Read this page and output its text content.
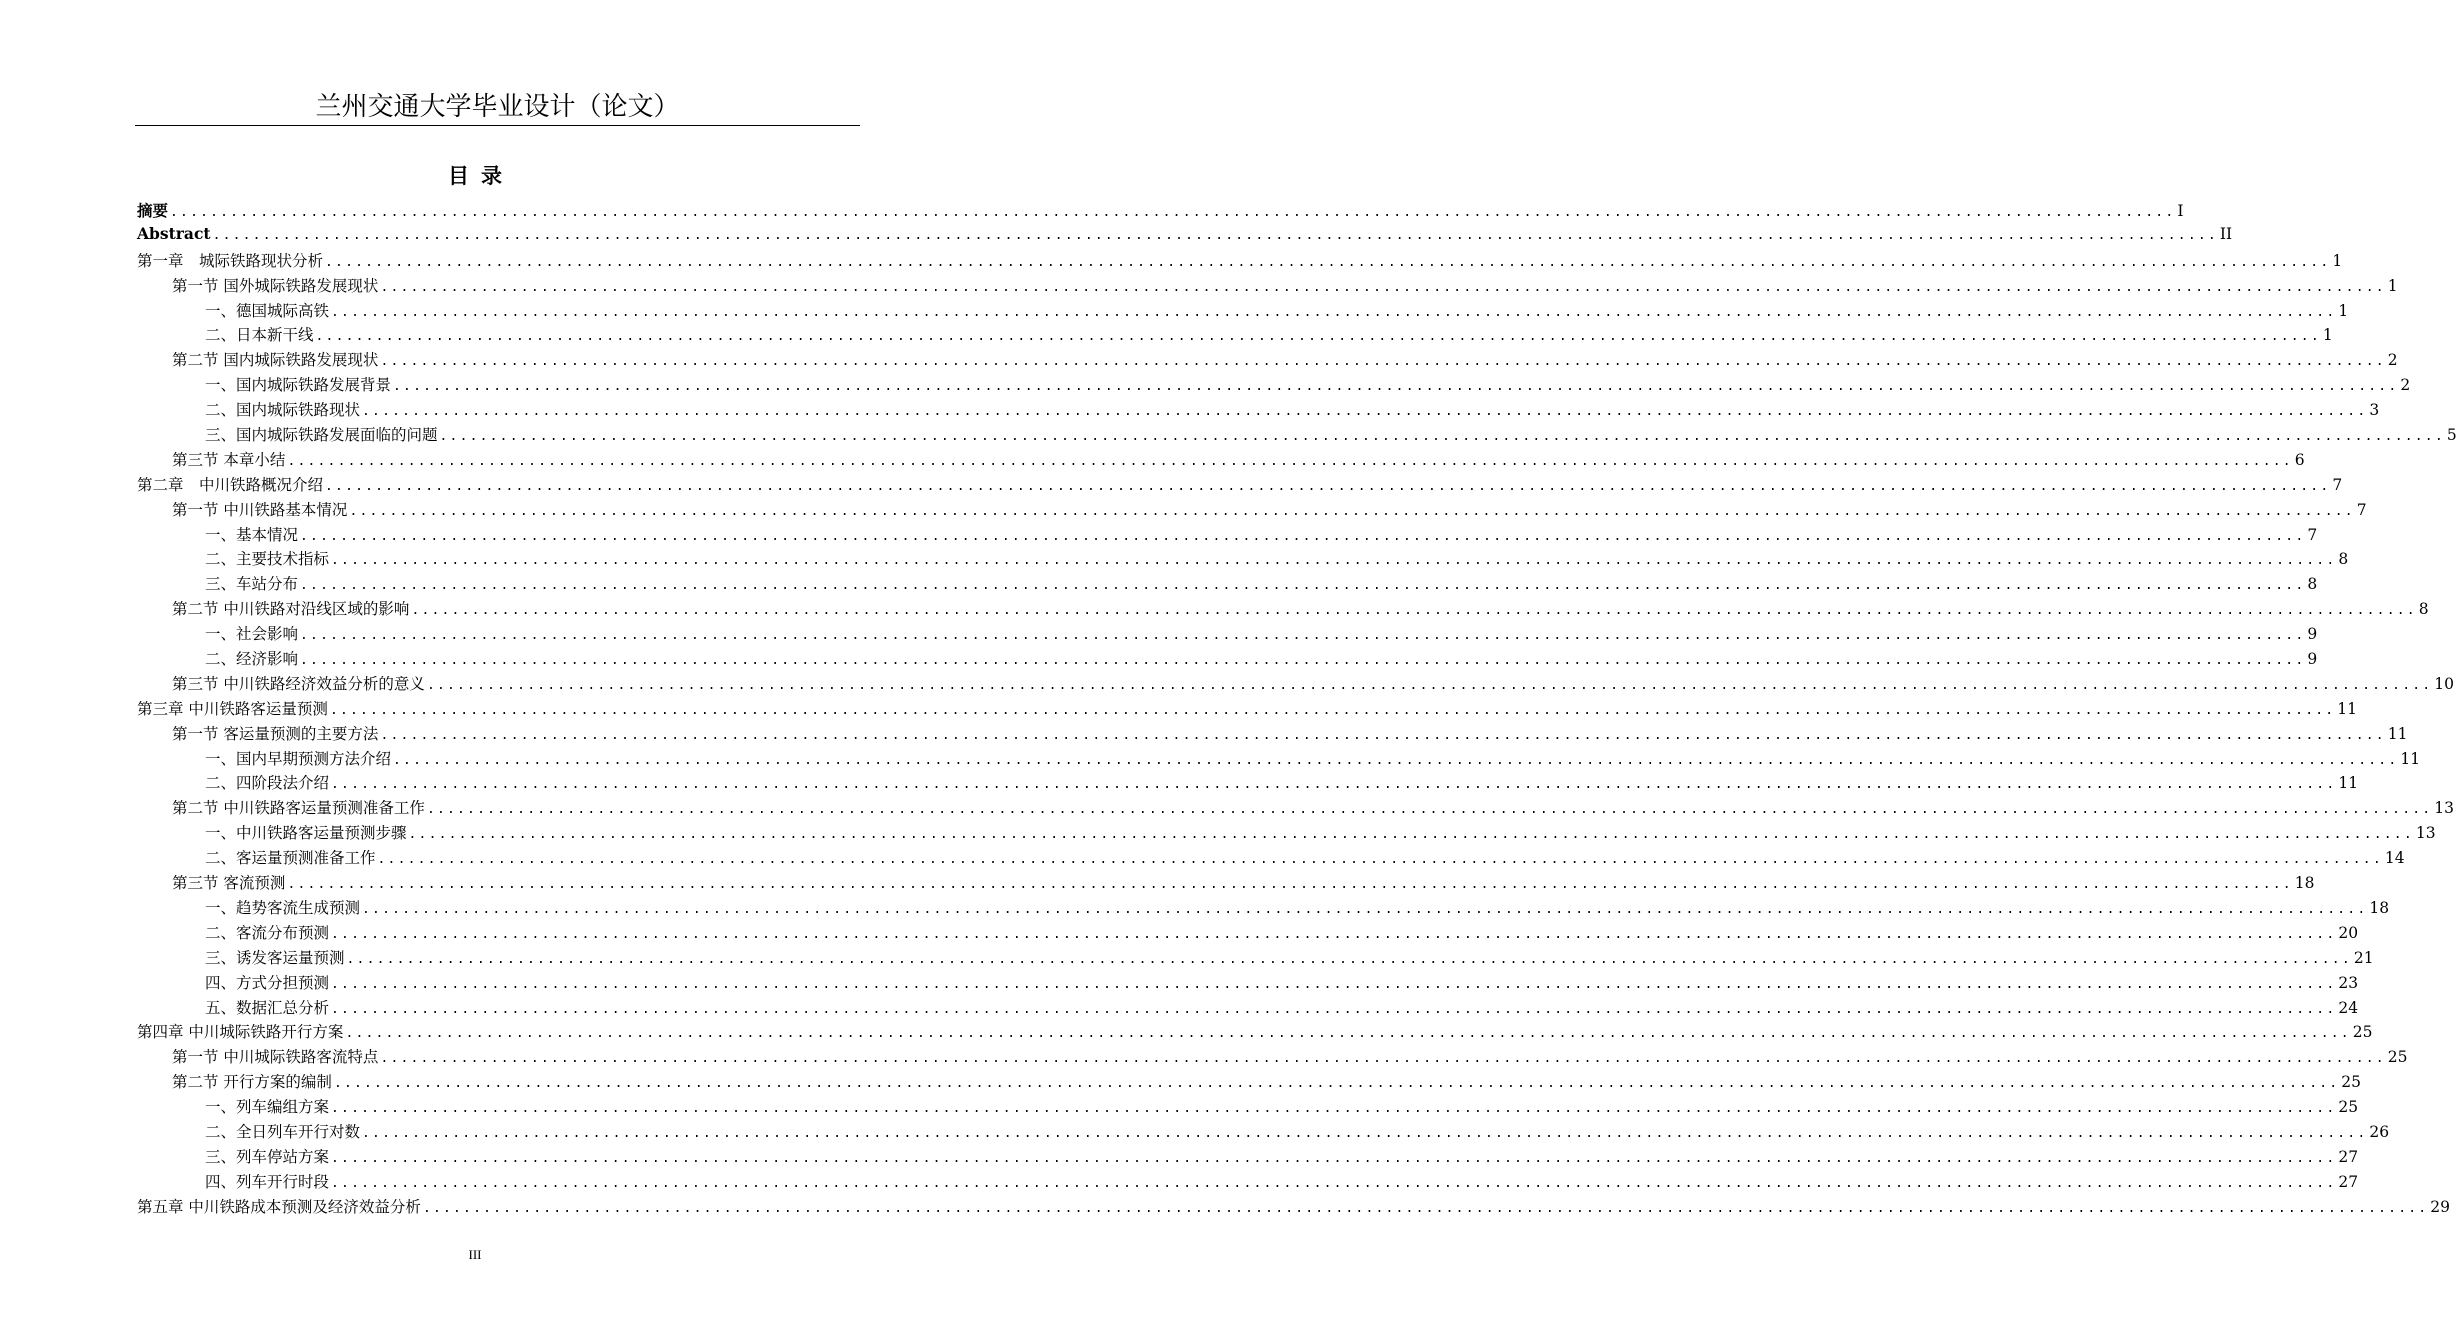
兰州交通大学毕业设计（论文）
目录
摘要 ........................................................................................................................................................................................................ I
Abstract ........................................................................................................................................................................................................ II
第一章　城际铁路现状分析 ........................................................................................................................................................................................................ 1
第一节 国外城际铁路发展现状 ........................................................................................................................................................................................................ 1
一、德国城际高铁 ........................................................................................................................................................................................................ 1
二、日本新干线 ........................................................................................................................................................................................................ 1
第二节 国内城际铁路发展现状 ........................................................................................................................................................................................................ 2
一、国内城际铁路发展背景 ........................................................................................................................................................................................................ 2
二、国内城际铁路现状 ........................................................................................................................................................................................................ 3
三、国内城际铁路发展面临的问题 ........................................................................................................................................................................................................ 5
第三节 本章小结 ........................................................................................................................................................................................................ 6
第二章　中川铁路概况介绍 ........................................................................................................................................................................................................ 7
第一节 中川铁路基本情况 ........................................................................................................................................................................................................ 7
一、基本情况 ........................................................................................................................................................................................................ 7
二、主要技术指标 ........................................................................................................................................................................................................ 8
三、车站分布 ........................................................................................................................................................................................................ 8
第二节 中川铁路对沿线区域的影响 ........................................................................................................................................................................................................ 8
一、社会影响 ........................................................................................................................................................................................................ 9
二、经济影响 ........................................................................................................................................................................................................ 9
第三节 中川铁路经济效益分析的意义 ........................................................................................................................................................................................................ 10
第三章 中川铁路客运量预测 ........................................................................................................................................................................................................ 11
第一节 客运量预测的主要方法 ........................................................................................................................................................................................................ 11
一、国内早期预测方法介绍 ........................................................................................................................................................................................................ 11
二、四阶段法介绍 ........................................................................................................................................................................................................ 11
第二节 中川铁路客运量预测准备工作 ........................................................................................................................................................................................................ 13
一、中川铁路客运量预测步骤 ........................................................................................................................................................................................................ 13
二、客运量预测准备工作 ........................................................................................................................................................................................................ 14
第三节 客流预测 ........................................................................................................................................................................................................ 18
一、趋势客流生成预测 ........................................................................................................................................................................................................ 18
二、客流分布预测 ........................................................................................................................................................................................................ 20
三、诱发客运量预测 ........................................................................................................................................................................................................ 21
四、方式分担预测 ........................................................................................................................................................................................................ 23
五、数据汇总分析 ........................................................................................................................................................................................................ 24
第四章 中川城际铁路开行方案 ........................................................................................................................................................................................................ 25
第一节 中川城际铁路客流特点 ........................................................................................................................................................................................................ 25
第二节 开行方案的编制 ........................................................................................................................................................................................................ 25
一、列车编组方案 ........................................................................................................................................................................................................ 25
二、全日列车开行对数 ........................................................................................................................................................................................................ 26
三、列车停站方案 ........................................................................................................................................................................................................ 27
四、列车开行时段 ........................................................................................................................................................................................................ 27
第五章 中川铁路成本预测及经济效益分析 ........................................................................................................................................................................................................ 29
III
